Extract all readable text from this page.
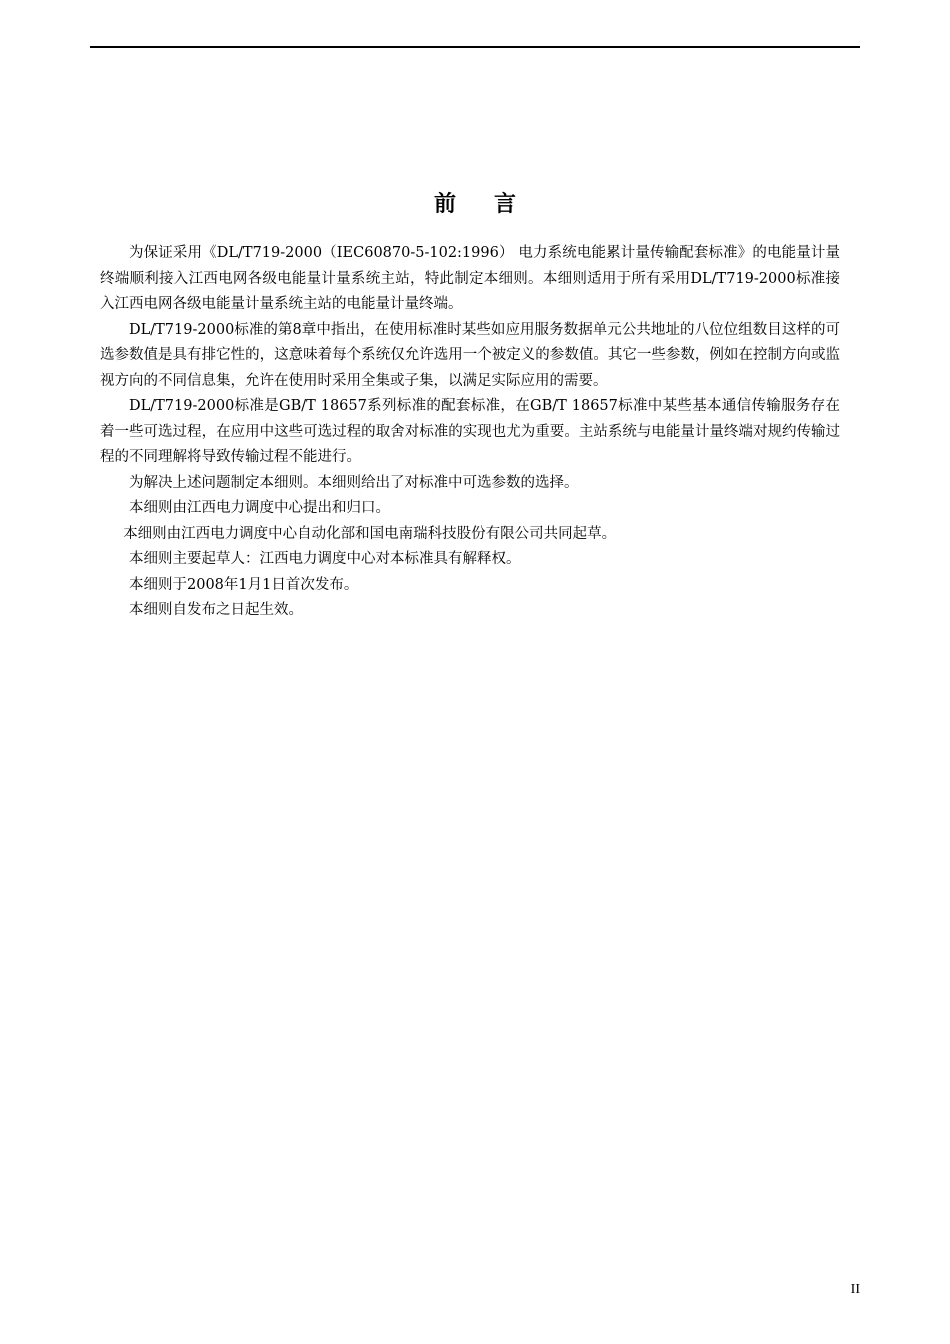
前言

为保证采用《DL/T719-2000（IEC60870-5-102:1996） 电力系统电能累计量传输配套标准》的电能量计量终端顺利接入江西电网各级电能量计量系统主站，特此制定本细则。本细则适用于所有采用DL/T719-2000标准接入江西电网各级电能量计量系统主站的电能量计量终端。

DL/T719-2000标准的第8章中指出，在使用标准时某些如应用服务数据单元公共地址的八位位组数目这样的可选参数值是具有排它性的，这意味着每个系统仅允许选用一个被定义的参数值。其它一些参数，例如在控制方向或监视方向的不同信息集，允许在使用时采用全集或子集，以满足实际应用的需要。

DL/T719-2000标准是GB/T 18657系列标准的配套标准，在GB/T 18657标准中某些基本通信传输服务存在着一些可选过程，在应用中这些可选过程的取舍对标准的实现也尤为重要。主站系统与电能量计量终端对规约传输过程的不同理解将导致传输过程不能进行。

为解决上述问题制定本细则。本细则给出了对标准中可选参数的选择。

本细则由江西电力调度中心提出和归口。

本细则由江西电力调度中心自动化部和国电南瑞科技股份有限公司共同起草。

本细则主要起草人：江西电力调度中心对本标准具有解释权。

本细则于2008年1月1日首次发布。

本细则自发布之日起生效。

II
